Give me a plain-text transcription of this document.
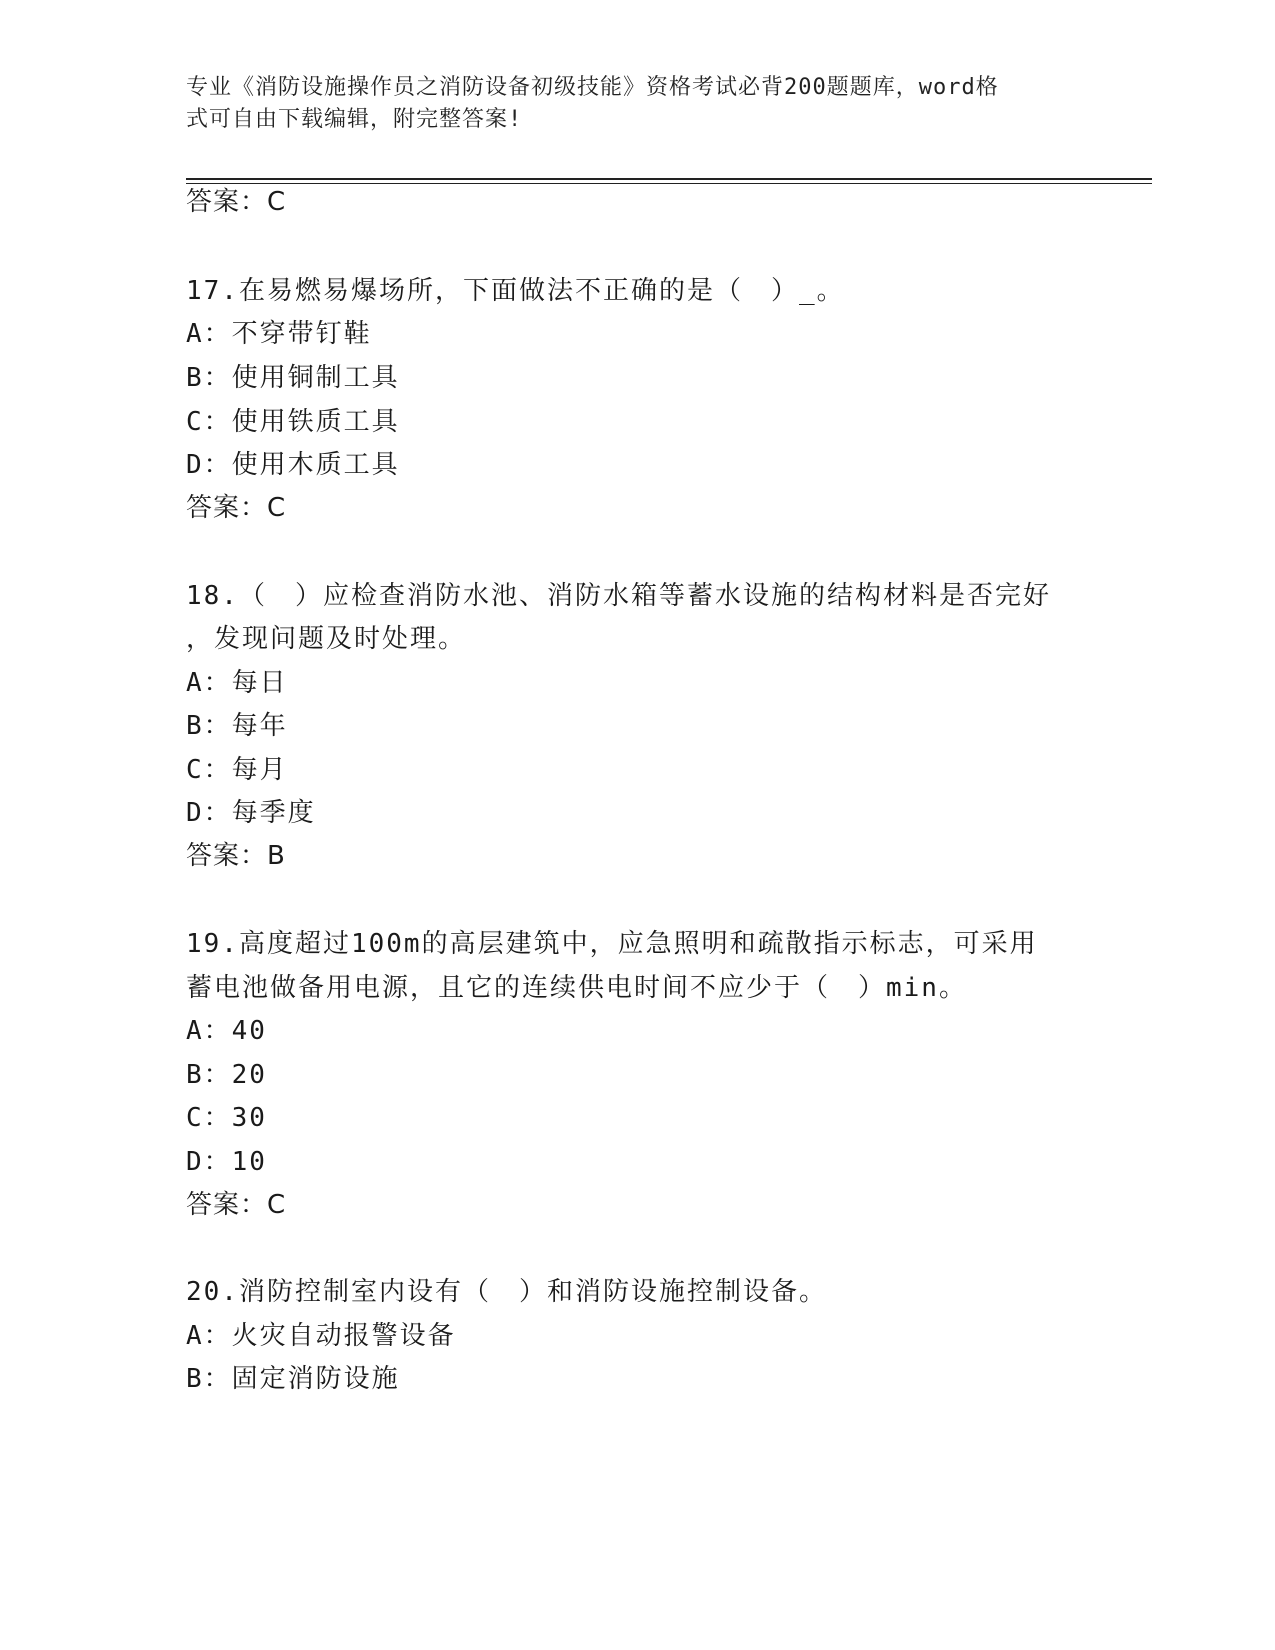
专业《消防设施操作员之消防设备初级技能》资格考试必背200题题库，word格
式可自由下载编辑，附完整答案!
答案：C
17.在易燃易爆场所，下面做法不正确的是（　）_。
A：不穿带钉鞋
B：使用铜制工具
C：使用铁质工具
D：使用木质工具
答案：C
18.（　）应检查消防水池、消防水箱等蓄水设施的结构材料是否完好
，发现问题及时处理。
A：每日
B：每年
C：每月
D：每季度
答案：B
19.高度超过100m的高层建筑中，应急照明和疏散指示标志，可采用
蓄电池做备用电源，且它的连续供电时间不应少于（　）min。
A：40
B：20
C：30
D：10
答案：C
20.消防控制室内设有（　）和消防设施控制设备。
A：火灾自动报警设备
B：固定消防设施
